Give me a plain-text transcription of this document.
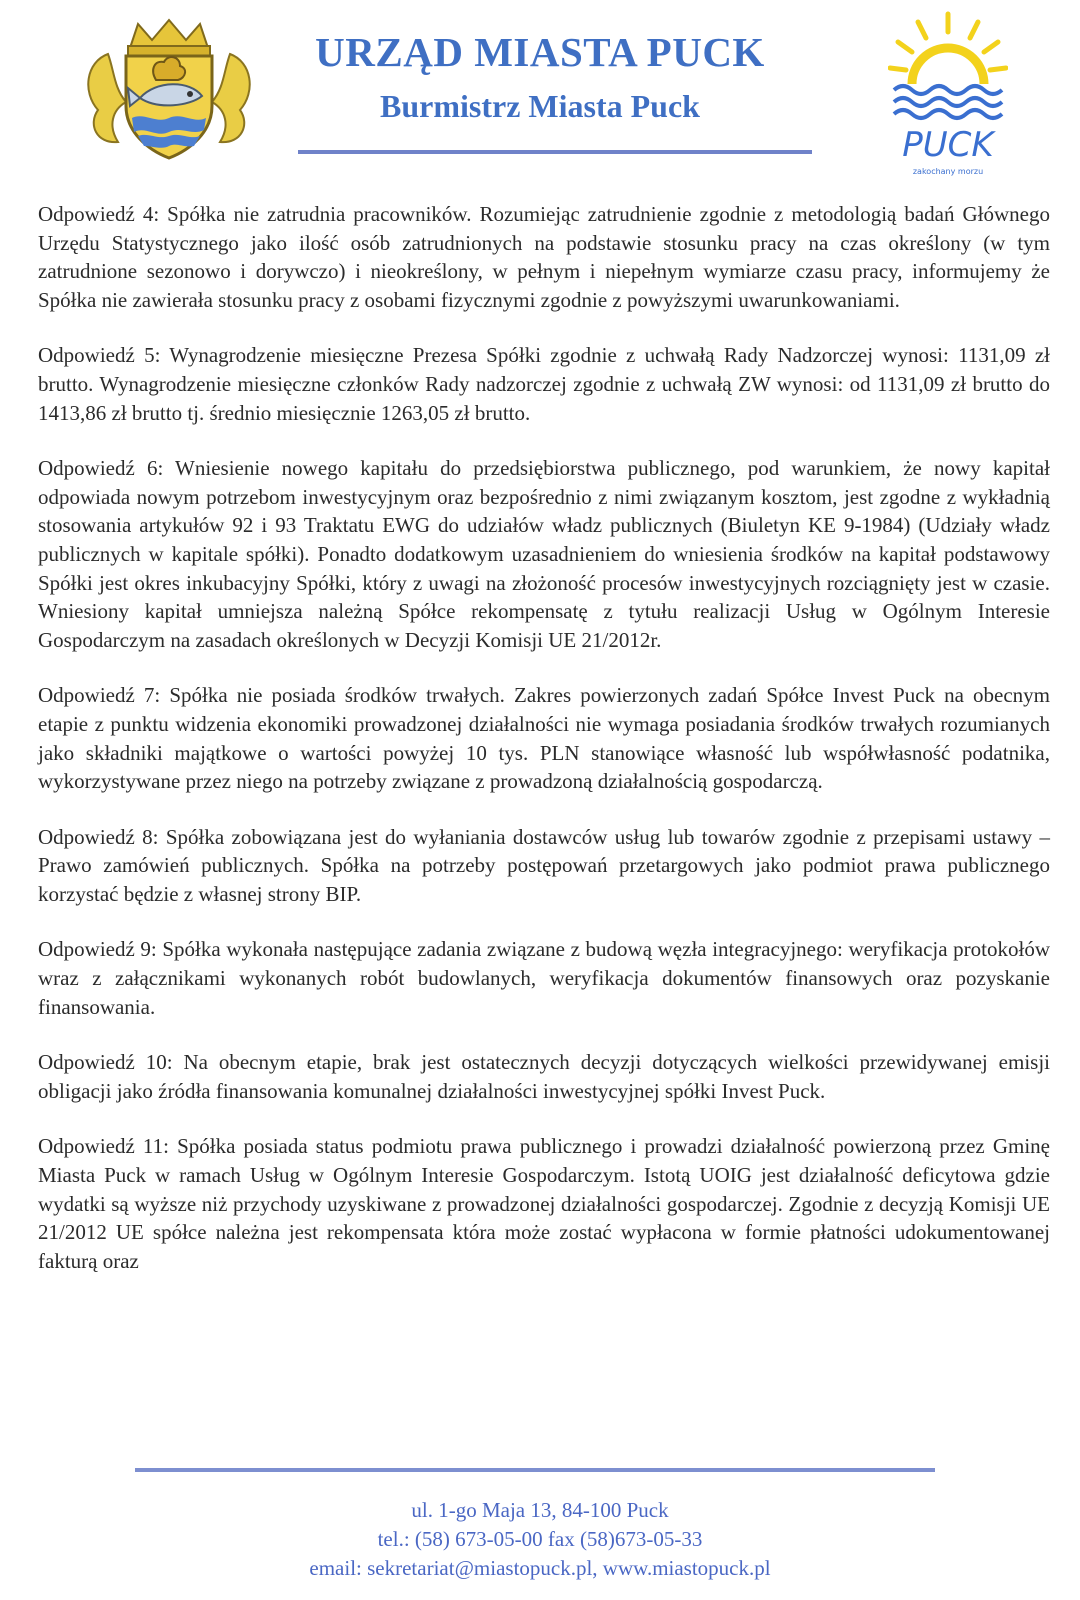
URZĄD MIASTA PUCK
Burmistrz Miasta Puck
PUCK
zakochany morzu

Odpowiedź 4: Spółka nie zatrudnia pracowników. Rozumiejąc zatrudnienie zgodnie z metodologią badań Głównego Urzędu Statystycznego jako ilość osób zatrudnionych na podstawie stosunku pracy na czas określony (w tym zatrudnione sezonowo i dorywczo) i nieokreślony, w pełnym i niepełnym wymiarze czasu pracy, informujemy że Spółka nie zawierała stosunku pracy z osobami fizycznymi zgodnie z powyższymi uwarunkowaniami.

Odpowiedź 5: Wynagrodzenie miesięczne Prezesa Spółki zgodnie z uchwałą Rady Nadzorczej wynosi: 1131,09 zł brutto. Wynagrodzenie miesięczne członków Rady nadzorczej zgodnie z uchwałą ZW wynosi: od 1131,09 zł brutto do 1413,86 zł brutto tj. średnio miesięcznie 1263,05 zł brutto.

Odpowiedź 6: Wniesienie nowego kapitału do przedsiębiorstwa publicznego, pod warunkiem, że nowy kapitał odpowiada nowym potrzebom inwestycyjnym oraz bezpośrednio z nimi związanym kosztom, jest zgodne z wykładnią stosowania artykułów 92 i 93 Traktatu EWG do udziałów władz publicznych (Biuletyn KE 9-1984) (Udziały władz publicznych w kapitale spółki). Ponadto dodatkowym uzasadnieniem do wniesienia środków na kapitał podstawowy Spółki jest okres inkubacyjny Spółki, który z uwagi na złożoność procesów inwestycyjnych rozciągnięty jest w czasie. Wniesiony kapitał umniejsza należną Spółce rekompensatę z tytułu realizacji Usług w Ogólnym Interesie Gospodarczym na zasadach określonych w Decyzji Komisji UE 21/2012r.

Odpowiedź 7: Spółka nie posiada środków trwałych. Zakres powierzonych zadań Spółce Invest Puck na obecnym etapie z punktu widzenia ekonomiki prowadzonej działalności nie wymaga posiadania środków trwałych rozumianych jako składniki majątkowe o wartości powyżej 10 tys. PLN stanowiące własność lub współwłasność podatnika, wykorzystywane przez niego na potrzeby związane z prowadzoną działalnością gospodarczą.

Odpowiedź 8: Spółka zobowiązana jest do wyłaniania dostawców usług lub towarów zgodnie z przepisami ustawy – Prawo zamówień publicznych. Spółka na potrzeby postępowań przetargowych jako podmiot prawa publicznego korzystać będzie z własnej strony BIP.

Odpowiedź 9: Spółka wykonała następujące zadania związane z budową węzła integracyjnego: weryfikacja protokołów wraz z załącznikami wykonanych robót budowlanych, weryfikacja dokumentów finansowych oraz pozyskanie finansowania.

Odpowiedź 10: Na obecnym etapie, brak jest ostatecznych decyzji dotyczących wielkości przewidywanej emisji obligacji jako źródła finansowania komunalnej działalności inwestycyjnej spółki Invest Puck.

Odpowiedź 11: Spółka posiada status podmiotu prawa publicznego i prowadzi działalność powierzoną przez Gminę Miasta Puck w ramach Usług w Ogólnym Interesie Gospodarczym. Istotą UOIG jest działalność deficytowa gdzie wydatki są wyższe niż przychody uzyskiwane z prowadzonej działalności gospodarczej. Zgodnie z decyzją Komisji UE 21/2012 UE spółce należna jest rekompensata która może zostać wypłacona w formie płatności udokumentowanej fakturą oraz

ul. 1-go Maja 13, 84-100 Puck
tel.: (58) 673-05-00 fax (58)673-05-33
email: sekretariat@miastopuck.pl, www.miastopuck.pl
